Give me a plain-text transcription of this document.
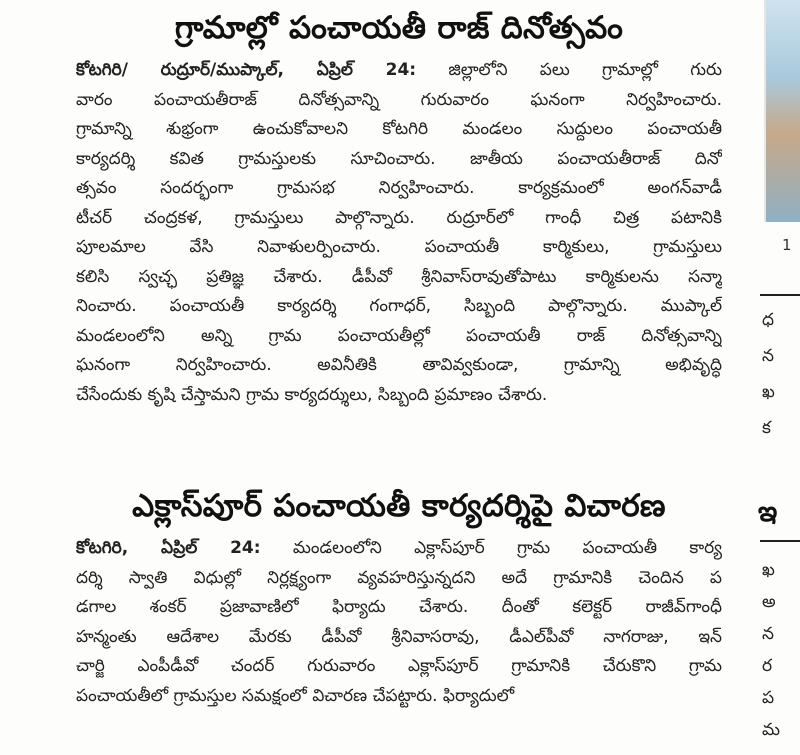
గ్రామాల్లో పంచాయతీ రాజ్ దినోత్సవం
కోటగిరి/ రుద్రూర్/ముప్కాల్, ఏప్రిల్ 24: జిల్లాలోని పలు గ్రామాల్లో గురు
వారం పంచాయతీరాజ్ దినోత్సవాన్ని గురువారం ఘనంగా నిర్వహించారు.
గ్రామాన్ని శుభ్రంగా ఉంచుకోవాలని కోటగిరి మండలం సుద్దులం పంచాయతీ
కార్యదర్శి కవిత గ్రామస్తులకు సూచించారు. జాతీయ పంచాయతీరాజ్ దినో
త్సవం సందర్భంగా గ్రామసభ నిర్వహించారు. కార్యక్రమంలో అంగన్‌వాడీ
టీచర్ చంద్రకళ, గ్రామస్తులు పాల్గొన్నారు. రుద్రూర్‌లో గాంధీ చిత్ర పటానికి
పూలమాల వేసి నివాళులర్పించారు. పంచాయతీ కార్మికులు, గ్రామస్తులు
కలిసి స్వచ్ఛ ప్రతిజ్ఞ చేశారు. డీపీవో శ్రీనివాస్‌రావుతోపాటు కార్మికులను సన్మా
నించారు. పంచాయతీ కార్యదర్శి గంగాధర్, సిబ్బంది పాల్గొన్నారు. ముప్కాల్
మండలంలోని అన్ని గ్రామ పంచాయతీల్లో పంచాయతీ రాజ్ దినోత్సవాన్ని
ఘనంగా నిర్వహించారు. అవినీతికి తావివ్వకుండా, గ్రామాన్ని అభివృద్ధి
చేసేందుకు కృషి చేస్తామని గ్రామ కార్యదర్శులు, సిబ్బంది ప్రమాణం చేశారు.
ఎక్లాస్‌పూర్ పంచాయతీ కార్యదర్శిపై విచారణ
కోటగిరి, ఏప్రిల్ 24: మండలంలోని ఎక్లాస్‌పూర్ గ్రామ పంచాయతీ కార్య
దర్శి స్వాతి విధుల్లో నిర్లక్ష్యంగా వ్యవహరిస్తున్నదని అదే గ్రామానికి చెందిన ప
డగాల శంకర్ ప్రజావాణిలో ఫిర్యాదు చేశారు. దీంతో కలెక్టర్ రాజీవ్‌గాంధీ
హన్మంతు ఆదేశాల మేరకు డీపీవో శ్రీనివాసరావు, డీఎల్‌పీవో నాగరాజు, ఇన్
చార్జి ఎంపీడీవో చందర్ గురువారం ఎక్లాస్‌పూర్ గ్రామానికి చేరుకొని గ్రామ
పంచాయతీలో గ్రామస్తుల సమక్షంలో విచారణ చేపట్టారు. ఫిర్యాదులో
1
ధ
న
ఖ
క
ఇ
ఖ
అ
న
ర
ప
మ
